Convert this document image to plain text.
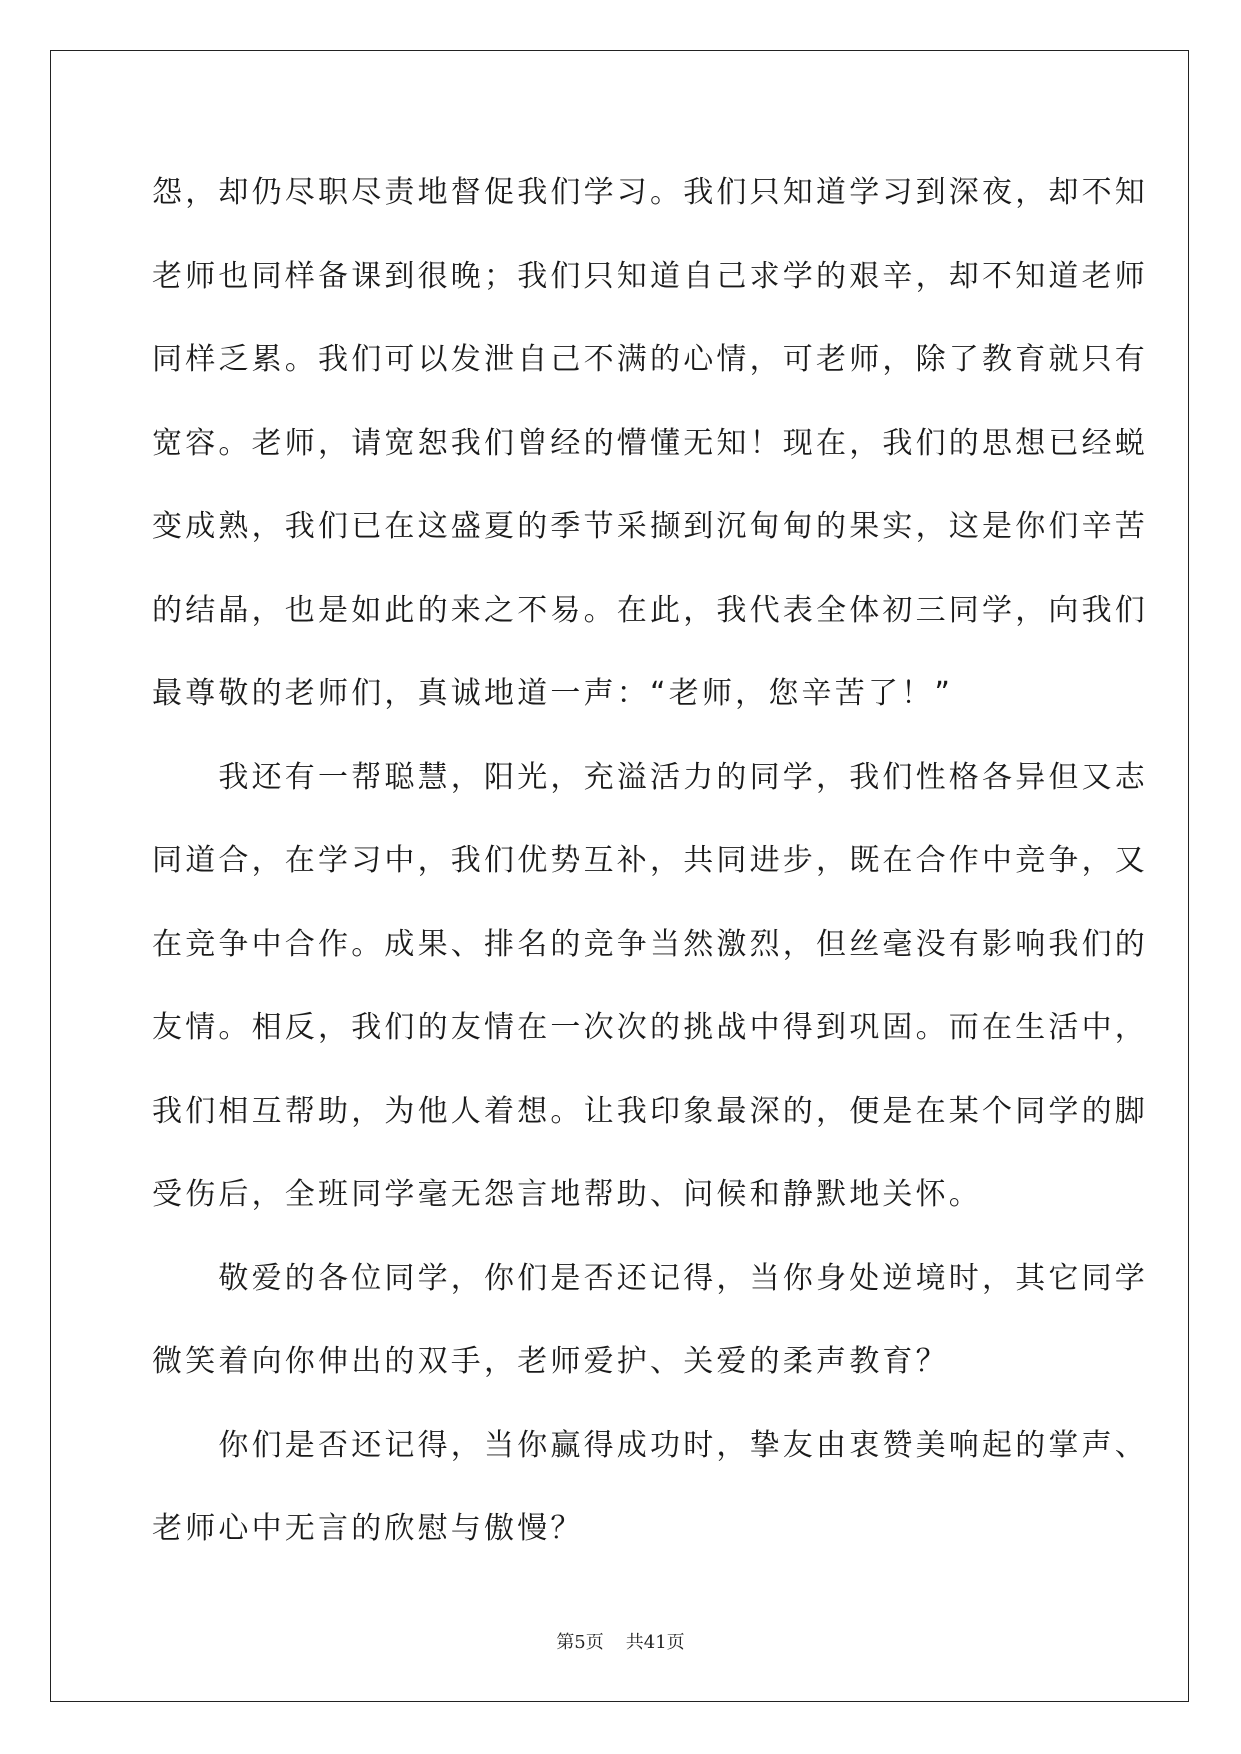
怨，却仍尽职尽责地督促我们学习。我们只知道学习到深夜，却不知
老师也同样备课到很晚；我们只知道自己求学的艰辛，却不知道老师
同样乏累。我们可以发泄自己不满的心情，可老师，除了教育就只有
宽容。老师，请宽恕我们曾经的懵懂无知！现在，我们的思想已经蜕
变成熟，我们已在这盛夏的季节采撷到沉甸甸的果实，这是你们辛苦
的结晶，也是如此的来之不易。在此，我代表全体初三同学，向我们
最尊敬的老师们，真诚地道一声：“老师，您辛苦了！”
　　我还有一帮聪慧，阳光，充溢活力的同学，我们性格各异但又志
同道合，在学习中，我们优势互补，共同进步，既在合作中竞争，又
在竞争中合作。成果、排名的竞争当然激烈，但丝毫没有影响我们的
友情。相反，我们的友情在一次次的挑战中得到巩固。而在生活中，
我们相互帮助，为他人着想。让我印象最深的，便是在某个同学的脚
受伤后，全班同学毫无怨言地帮助、问候和静默地关怀。
　　敬爱的各位同学，你们是否还记得，当你身处逆境时，其它同学
微笑着向你伸出的双手，老师爱护、关爱的柔声教育？
　　你们是否还记得，当你赢得成功时，挚友由衷赞美响起的掌声、
老师心中无言的欣慰与傲慢？
第5页 共41页
